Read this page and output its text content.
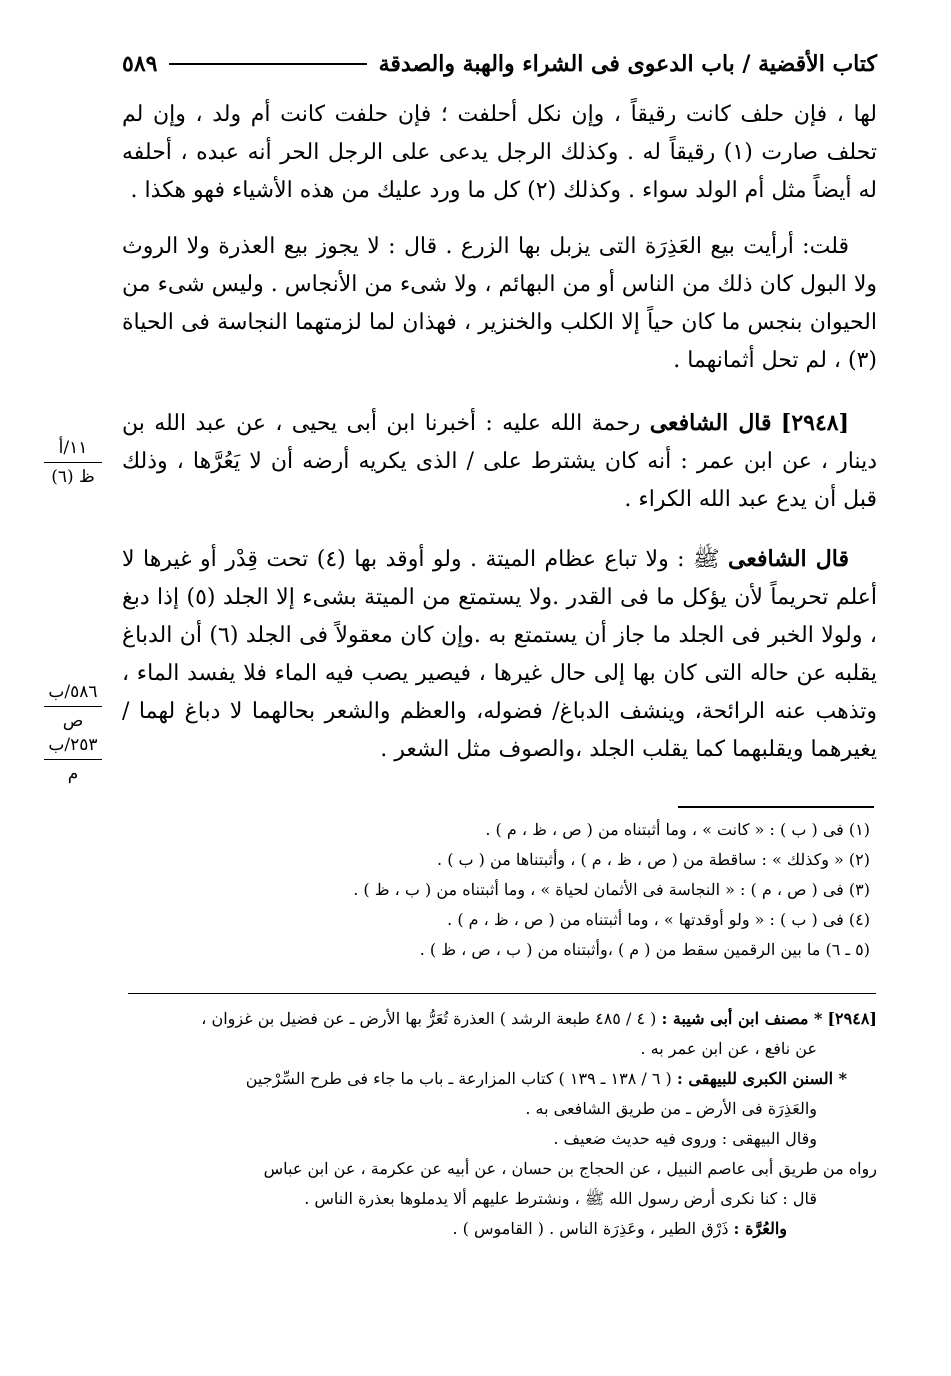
كتاب الأقضية / باب الدعوى فى الشراء والهبة والصدقة
٥٨٩

لها ، فإن حلف كانت رقيقاً ، وإن نكل أحلفت ؛ فإن حلفت كانت أم ولد ، وإن لم تحلف صارت (١) رقيقاً له . وكذلك الرجل يدعى على الرجل الحر أنه عبده ، أحلفه له أيضاً مثل أم الولد سواء . وكذلك (٢) كل ما ورد عليك من هذه الأشياء فهو هكذا .

قلت: أرأيت بيع العَذِرَة التى يزبل بها الزرع . قال : لا يجوز بيع العذرة ولا الروث ولا البول كان ذلك من الناس أو من البهائم ، ولا شىء من الأنجاس . وليس شىء من الحيوان بنجس ما كان حياً إلا الكلب والخنزير ، فهذان لما لزمتهما النجاسة فى الحياة (٣) ، لم تحل أثمانهما .

[٢٩٤٨] قال الشافعى رحمة الله عليه : أخبرنا ابن أبى يحيى ، عن عبد الله بن دينار ، عن ابن عمر : أنه كان يشترط على / الذى يكريه أرضه أن لا يَعُرَّها ، وذلك قبل أن يدع عبد الله الكراء .

قال الشافعى ﷺ : ولا تباع عظام الميتة . ولو أوقد بها (٤) تحت قِدْر أو غيرها لا أعلم تحريماً لأن يؤكل ما فى القدر .ولا يستمتع من الميتة بشىء إلا الجلد (٥) إذا دبغ ، ولولا الخبر فى الجلد ما جاز أن يستمتع به .وإن كان معقولاً فى الجلد (٦) أن الدباغ يقلبه عن حاله التى كان بها إلى حال غيرها ، فيصير يصب فيه الماء فلا يفسد الماء ، وتذهب عنه الرائحة، وينشف الدباغ/ فضوله، والعظم والشعر بحالهما لا دباغ لهما / يغيرهما ويقلبهما كما يقلب الجلد ،والصوف مثل الشعر .

١١/أ
ظ (٦)
٥٨٦/ب
ص
٢٥٣/ب
م
(١) فى ( ب ) : « كانت » ، وما أثبتناه من ( ص ، ظ ، م ) .
(٢) « وكذلك » : ساقطة من ( ص ، ظ ، م ) ، وأثبتناها من ( ب ) .
(٣) فى ( ص ، م ) : « النجاسة فى الأثمان لحياة » ، وما أثبتناه من ( ب ، ظ ) .
(٤) فى ( ب ) : « ولو أوقدتها » ، وما أثبتناه من ( ص ، ظ ، م ) .
(٥ ـ ٦) ما بين الرقمين سقط من ( م ) ،وأثبتناه من ( ب ، ص ، ظ ) .
[٢٩٤٨] * مصنف ابن أبى شيبة : ( ٤ / ٤٨٥ طبعة الرشد ) العذرة تُعَرُّ بها الأرض ـ عن فضيل بن غزوان ،
عن نافع ، عن ابن عمر به .
* السنن الكبرى للبيهقى : ( ٦ / ١٣٨ ـ ١٣٩ ) كتاب المزارعة ـ باب ما جاء فى طرح السِّرْجين
والعَذِرَة فى الأرض ـ من طريق الشافعى به .
وقال البيهقى : وروى فيه حديث ضعيف .
رواه من طريق أبى عاصم النبيل ، عن الحجاج بن حسان ، عن أبيه عن عكرمة ، عن ابن عباس
قال : كنا نكرى أرض رسول الله ﷺ ، ونشترط عليهم ألا يدملوها بعذرة الناس .
والعُرَّة : ذَرْق الطير ، وعَذِرَة الناس . ( القاموس ) .
